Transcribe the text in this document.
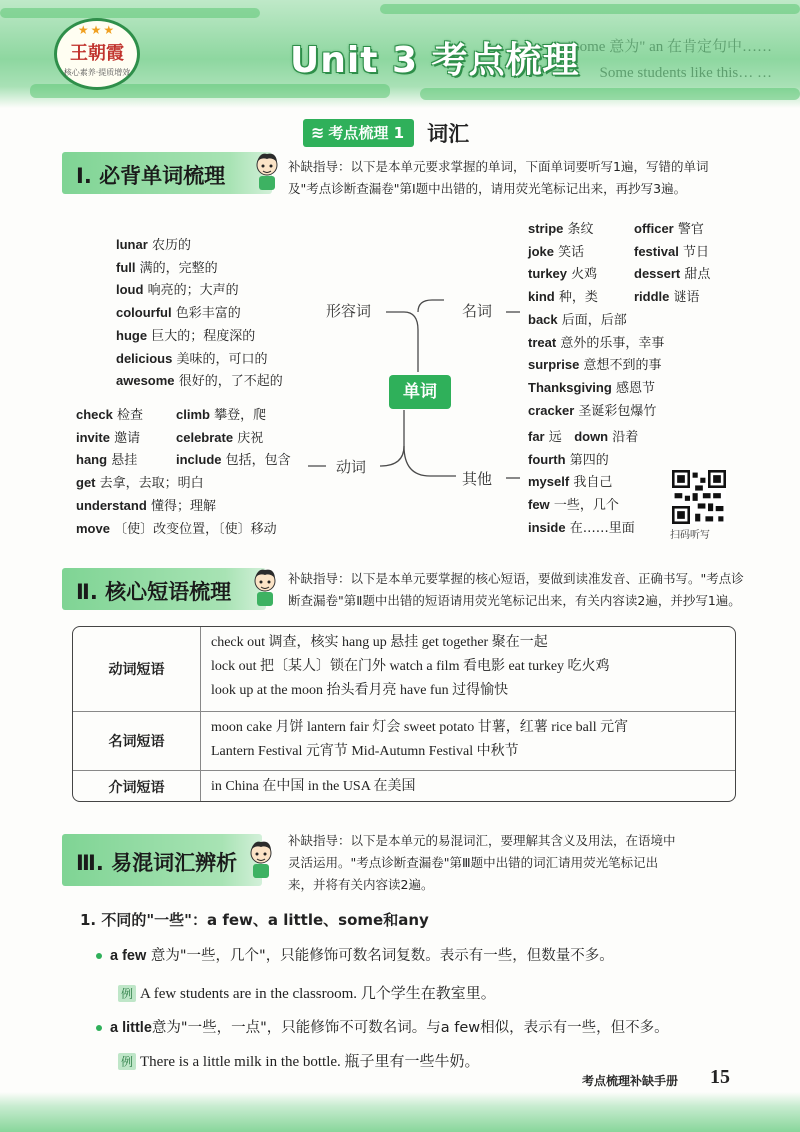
"some 意为" an 在肯定句中……
Some students like this… …
★★★
王朝霞
核心素养·提质增效	Unit 3 考点梳理
≋ 考点梳理 1 词汇
Ⅰ. 必背单词梳理	补缺指导：以下是本单元要求掌握的单词，下面单词要听写1遍，写错的单词
及"考点诊断查漏卷"第Ⅰ题中出错的，请用荧光笔标记出来，再抄写3遍。
形容词	名词
动词
其他
单词
lunar 农历的
full 满的，完整的
loud 响亮的；大声的
colourful 色彩丰富的
huge 巨大的；程度深的
delicious 美味的，可口的
awesome 很好的，了不起的
check 检查
invite 邀请
hang 悬挂
get 去拿，去取；明白
understand 懂得；理解
move 〔使〕改变位置，〔使〕移动
climb 攀登，爬
celebrate 庆祝
include 包括，包含
stripe 条纹
joke 笑话
turkey 火鸡
kind 种，类
back 后面，后部
treat 意外的乐事，幸事
surprise 意想不到的事
Thanksgiving 感恩节
cracker 圣诞彩包爆竹
officer 警官
festival 节日
dessert 甜点
riddle 谜语
far 远 down 沿着
fourth 第四的
myself 我自己
few 一些，几个
inside 在……里面	扫码听写
Ⅱ. 核心短语梳理
补缺指导：以下是本单元要掌握的核心短语，要做到读准发音、正确书写。"考点诊
断查漏卷"第Ⅱ题中出错的短语请用荧光笔标记出来，有关内容读2遍，并抄写1遍。
动词短语
check out 调查，核实 hang up 悬挂 get together 聚在一起
lock out 把〔某人〕锁在门外 watch a film 看电影 eat turkey 吃火鸡
look up at the moon 抬头看月亮 have fun 过得愉快
名词短语
moon cake 月饼 lantern fair 灯会 sweet potato 甘薯，红薯 rice ball 元宵
Lantern Festival 元宵节 Mid-Autumn Festival 中秋节
介词短语	in China 在中国 in the USA 在美国
Ⅲ. 易混词汇辨析
补缺指导：以下是本单元的易混词汇，要理解其含义及用法，在语境中
灵活运用。"考点诊断查漏卷"第Ⅲ题中出错的词汇请用荧光笔标记出
来，并将有关内容读2遍。
1. 不同的"一些"：a few、a little、some和any
a few 意为"一些，几个"，只能修饰可数名词复数。表示有一些，但数量不多。
例 A few students are in the classroom. 几个学生在教室里。
a little意为"一些，一点"，只能修饰不可数名词。与a few相似，表示有一些，但不多。
例 There is a little milk in the bottle. 瓶子里有一些牛奶。
考点梳理补缺手册 15
